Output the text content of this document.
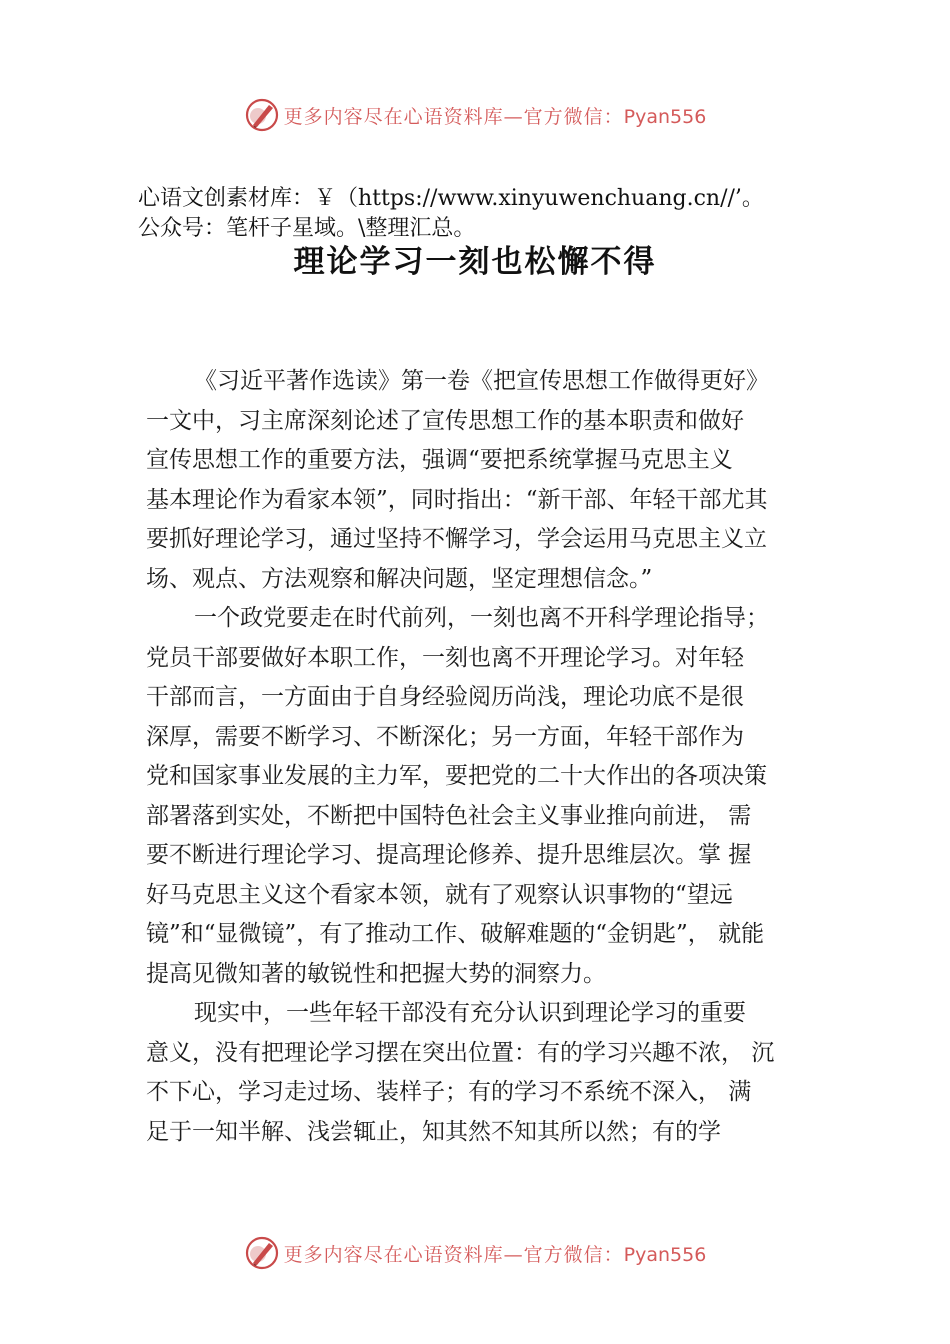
更多内容尽在心语资料库—官方微信：Pyan556
心语文创素材库：￥（https://www.xinyuwenchuang.cn//’。
公众号：笔杆子星域。\整理汇总。
理论学习一刻也松懈不得
《习近平著作选读》第一卷《把宣传思想工作做得更好》
一文中，习主席深刻论述了宣传思想工作的基本职责和做好
宣传思想工作的重要方法，强调“要把系统掌握马克思主义
基本理论作为看家本领”，同时指出：“新干部、年轻干部尤其
要抓好理论学习，通过坚持不懈学习，学会运用马克思主义立
场、观点、方法观察和解决问题，坚定理想信念。”
一个政党要走在时代前列，一刻也离不开科学理论指导；
党员干部要做好本职工作，一刻也离不开理论学习。对年轻
干部而言，一方面由于自身经验阅历尚浅，理论功底不是很
深厚，需要不断学习、不断深化；另一方面，年轻干部作为
党和国家事业发展的主力军，要把党的二十大作出的各项决策
部署落到实处，不断把中国特色社会主义事业推向前进， 需
要不断进行理论学习、提高理论修养、提升思维层次。掌 握
好马克思主义这个看家本领，就有了观察认识事物的“望远
镜”和“显微镜”，有了推动工作、破解难题的“金钥匙”， 就能
提高见微知著的敏锐性和把握大势的洞察力。
现实中，一些年轻干部没有充分认识到理论学习的重要
意义，没有把理论学习摆在突出位置：有的学习兴趣不浓， 沉
不下心，学习走过场、装样子；有的学习不系统不深入， 满
足于一知半解、浅尝辄止，知其然不知其所以然；有的学
更多内容尽在心语资料库—官方微信：Pyan556
